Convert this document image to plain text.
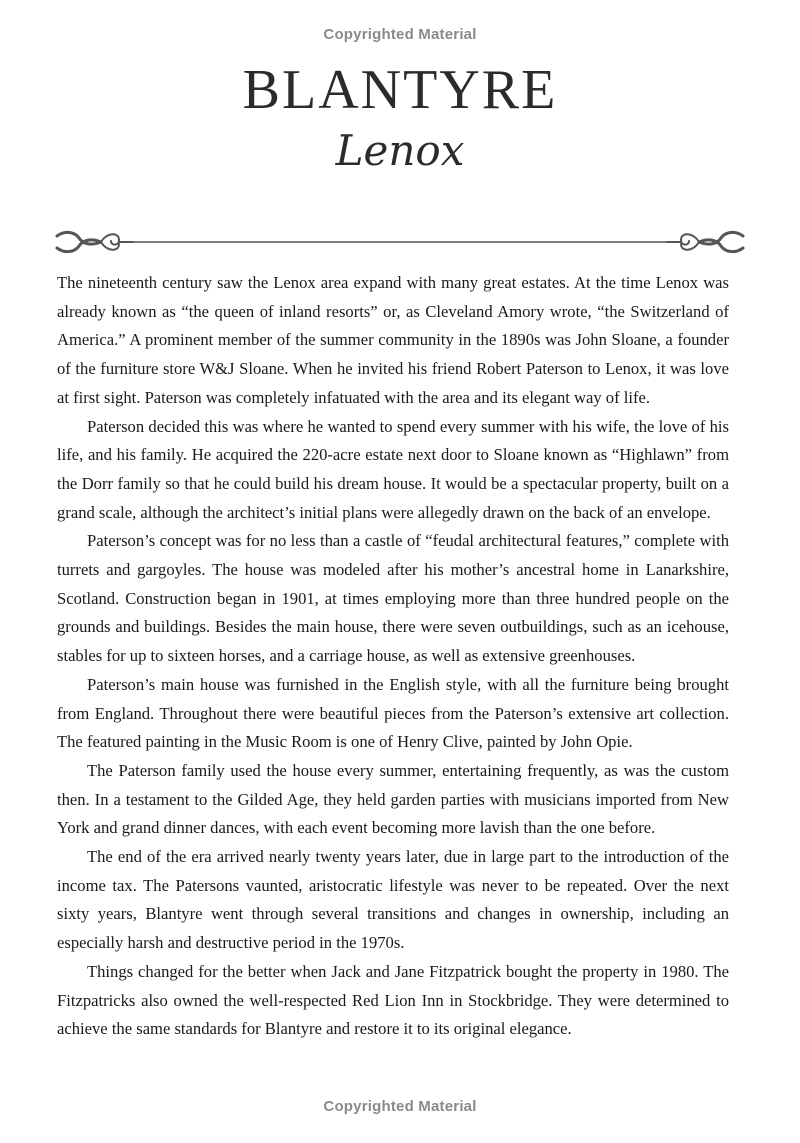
Copyrighted Material
BLANTYRE
Lenox

The nineteenth century saw the Lenox area expand with many great estates. At the time Lenox was already known as “the queen of inland resorts” or, as Cleveland Amory wrote, “the Switzerland of America.” A prominent member of the summer community in the 1890s was John Sloane, a founder of the furniture store W&J Sloane. When he invited his friend Robert Paterson to Lenox, it was love at first sight. Paterson was completely infatuated with the area and its elegant way of life.

Paterson decided this was where he wanted to spend every summer with his wife, the love of his life, and his family. He acquired the 220-acre estate next door to Sloane known as “Highlawn” from the Dorr family so that he could build his dream house. It would be a spectacular property, built on a grand scale, although the architect’s initial plans were allegedly drawn on the back of an envelope.

Paterson’s concept was for no less than a castle of “feudal architectural features,” complete with turrets and gargoyles. The house was modeled after his mother’s ancestral home in Lanarkshire, Scotland. Construction began in 1901, at times employing more than three hundred people on the grounds and buildings. Besides the main house, there were seven outbuildings, such as an icehouse, stables for up to sixteen horses, and a carriage house, as well as extensive greenhouses.

Paterson’s main house was furnished in the English style, with all the furniture being brought from England. Throughout there were beautiful pieces from the Paterson’s extensive art collection. The featured painting in the Music Room is one of Henry Clive, painted by John Opie.

The Paterson family used the house every summer, entertaining frequently, as was the custom then. In a testament to the Gilded Age, they held garden parties with musicians imported from New York and grand dinner dances, with each event becoming more lavish than the one before.

The end of the era arrived nearly twenty years later, due in large part to the introduction of the income tax. The Patersons vaunted, aristocratic lifestyle was never to be repeated. Over the next sixty years, Blantyre went through several transitions and changes in ownership, including an especially harsh and destructive period in the 1970s.

Things changed for the better when Jack and Jane Fitzpatrick bought the property in 1980. The Fitzpatricks also owned the well-respected Red Lion Inn in Stockbridge. They were determined to achieve the same standards for Blantyre and restore it to its original elegance.

Copyrighted Material
